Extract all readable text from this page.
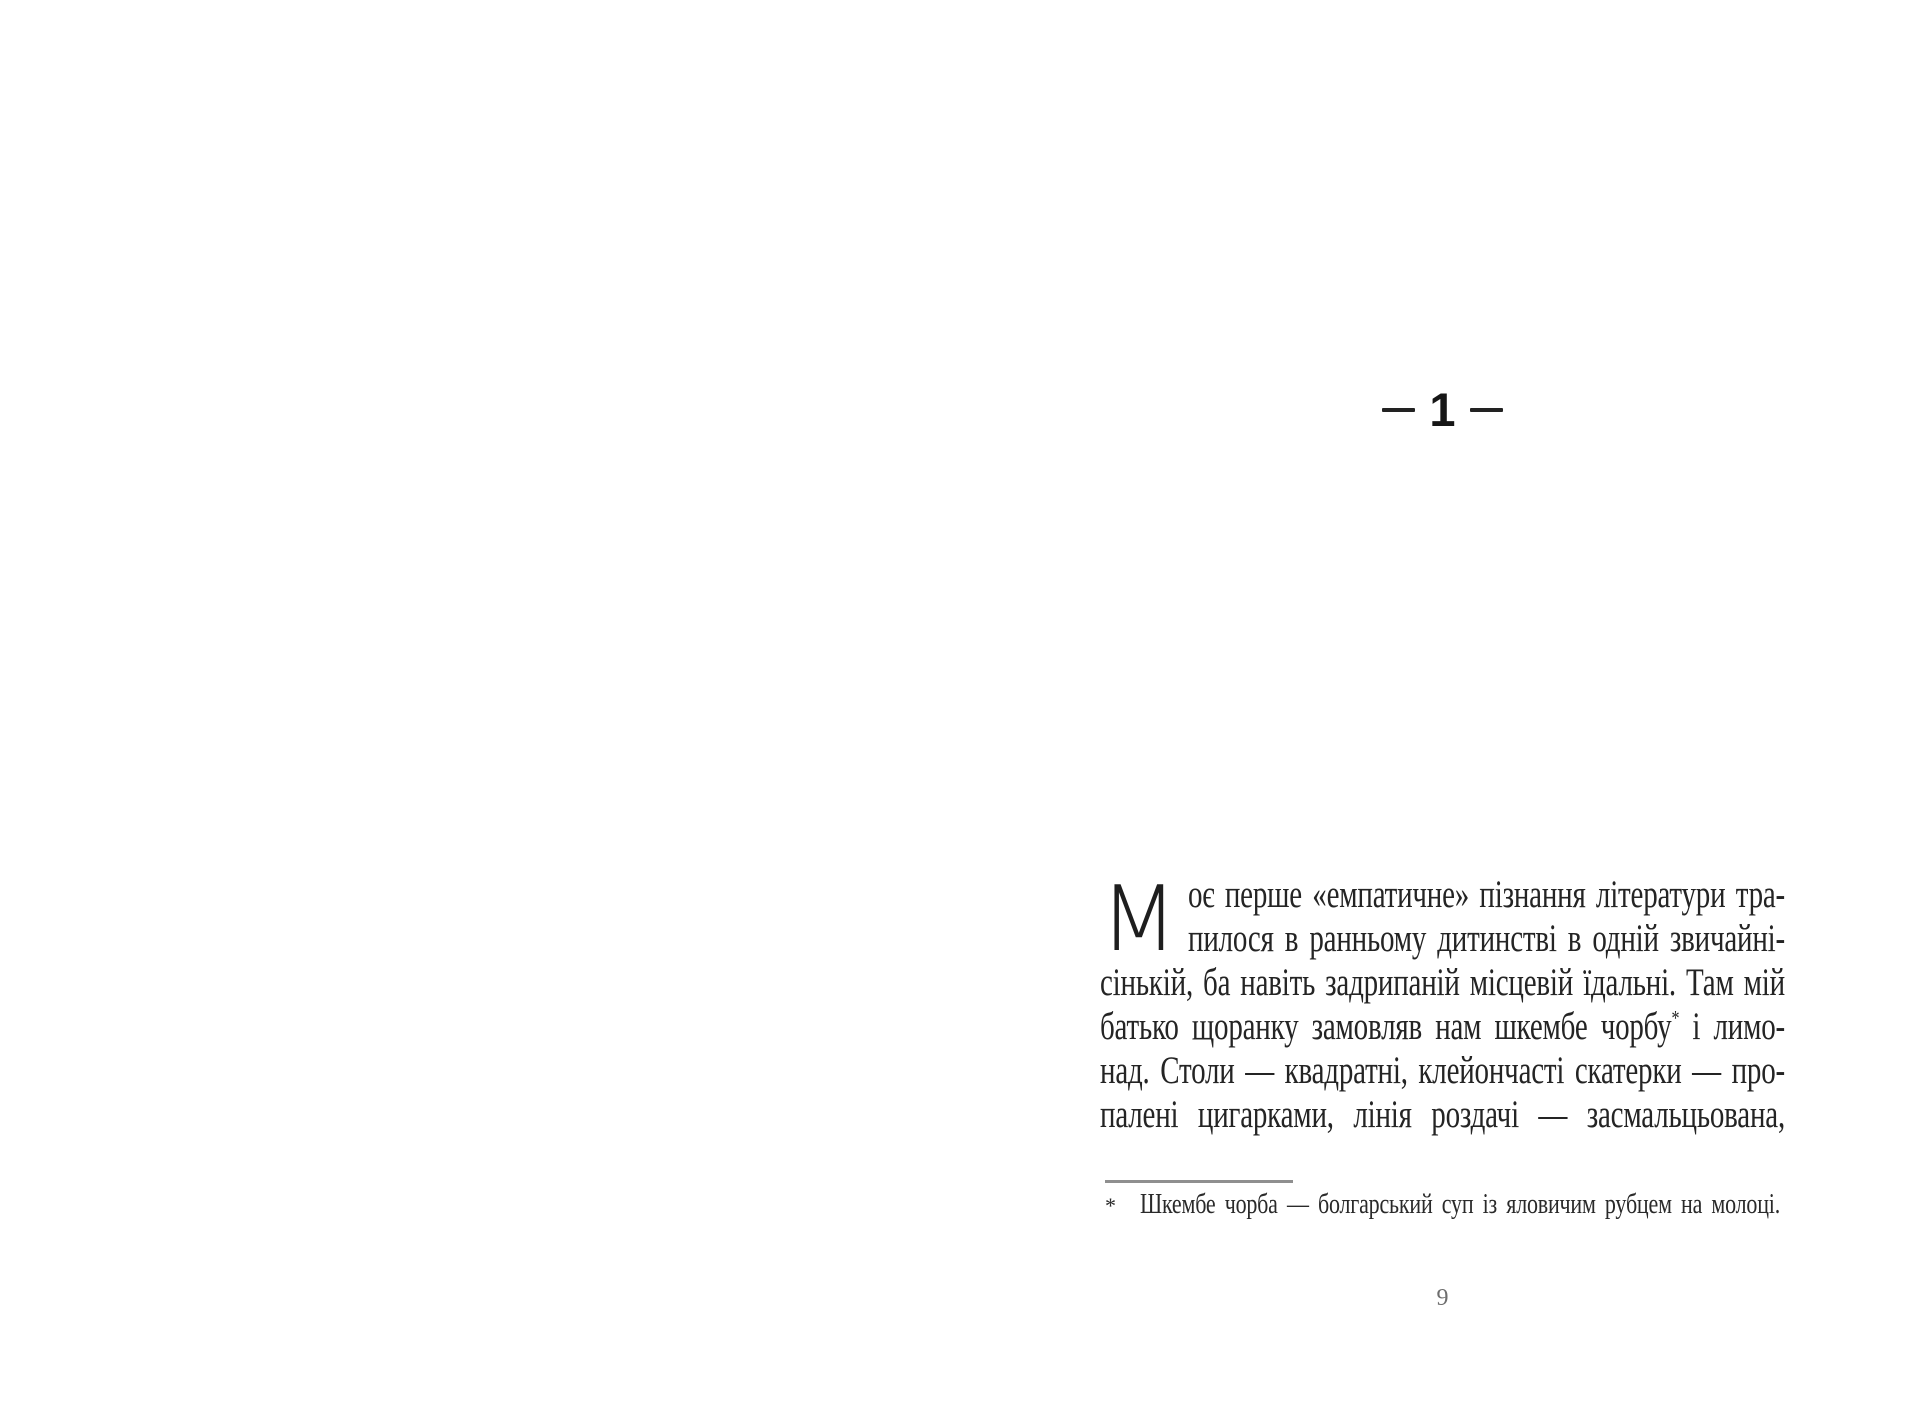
1
М оє перше «емпатичне» пізнання літератури тра-
пилося в ранньому дитинстві в одній звичайні-
сінькій, ба навіть задрипаній місцевій їдальні. Там мій
батько щоранку замовляв нам шкембе чорбу* і лимо-
над. Столи — квадратні, клейончасті скатерки — про-
палені цигарками, лінія роздачі — засмальцьована,
* Шкембе чорба — болгарський суп із яловичим рубцем на молоці.
9
